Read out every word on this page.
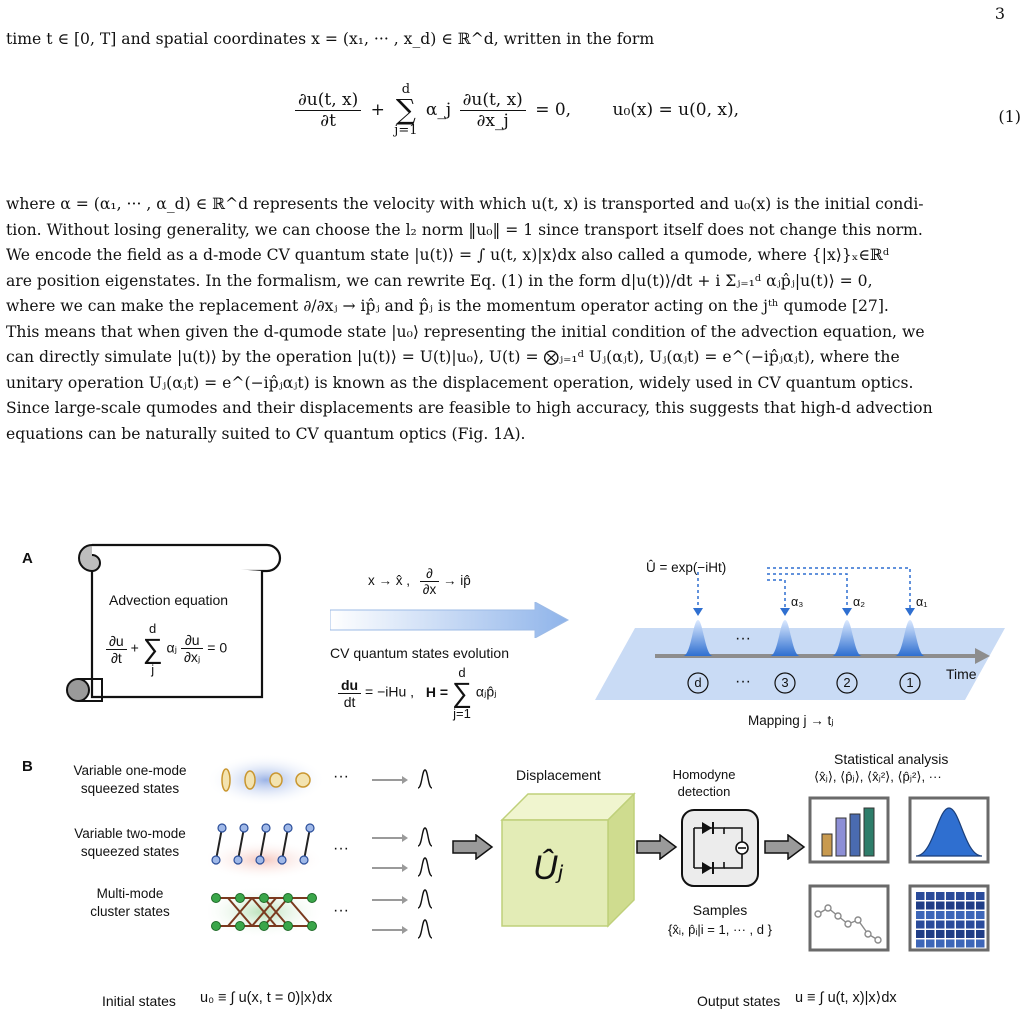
3

time t ∈ [0, T] and spatial coordinates x = (x₁, ··· , x_d) ∈ ℝ^d, written in the form

$\frac{\partial u(t, x)}{\partial t} + d$
∑
j=1 α_j $\frac{\partial u(t, x)}{\partial x\_j} = 0$, u₀(x) = u(0, x),	(1)

where α = (α₁, ··· , α_d) ∈ ℝ^d represents the velocity with which u(t, x) is transported and u₀(x) is the initial condi-

tion. Without losing generality, we can choose the l₂ norm ‖u₀‖ = 1 since transport itself does not change this norm.

We encode the field as a d-mode CV quantum state |u(t)⟩ = ∫ u(t, x)|x⟩dx also called a qumode, where {|x⟩}ₓ∈ℝᵈ

are position eigenstates. In the formalism, we can rewrite Eq. (1) in the form d|u(t)⟩/dt + i Σⱼ₌₁ᵈ αⱼp̂ⱼ|u(t)⟩ = 0,

where we can make the replacement ∂/∂xⱼ → ip̂ⱼ and p̂ⱼ is the momentum operator acting on the jᵗʰ qumode [27].

This means that when given the d-qumode state |u₀⟩ representing the initial condition of the advection equation, we

can directly simulate |u(t)⟩ by the operation |u(t)⟩ = U(t)|u₀⟩, U(t) = ⨂ⱼ₌₁ᵈ Uⱼ(αⱼt), Uⱼ(αⱼt) = e^(−ip̂ⱼαⱼt), where the

unitary operation Uⱼ(αⱼt) = e^(−ip̂ⱼαⱼt) is known as the displacement operation, widely used in CV quantum optics.

Since large-scale qumodes and their displacements are feasible to high accuracy, this suggests that high-d advection

equations can be naturally suited to CV quantum optics (Fig. 1A).

A
Advection equation
$\frac{\partial u}{\partial t} + d$
∑
j αⱼ $\frac{\partial u}{\text{∂xⱼ}} = 0$
x → x̂ , $\frac{\partial}{\partial x}$ → ip̂
CV quantum states evolution
$\frac{du}{dt} = -iHu$ , H = d
∑
j=1 αⱼp̂ⱼ
Û = exp(−iHt)
α₃	α₂	α₁
···
···
d	3	2	1
Time
Mapping j → tⱼ
B	Variable one-mode
squeezed states
Variable two-mode
squeezed states
Multi-mode
cluster states
···
···
···
Displacement
Ûⱼ
Homodyne
detection
Samples
{x̂ᵢ, p̂ᵢ|i = 1, ··· , d }
Statistical analysis
⟨x̂ⱼ⟩, ⟨p̂ⱼ⟩, ⟨x̂ⱼ²⟩, ⟨p̂ⱼ²⟩, ···
Initial states u₀ ≡ ∫ u(x, t = 0)|x⟩dx	Output states u ≡ ∫ u(t, x)|x⟩dx
